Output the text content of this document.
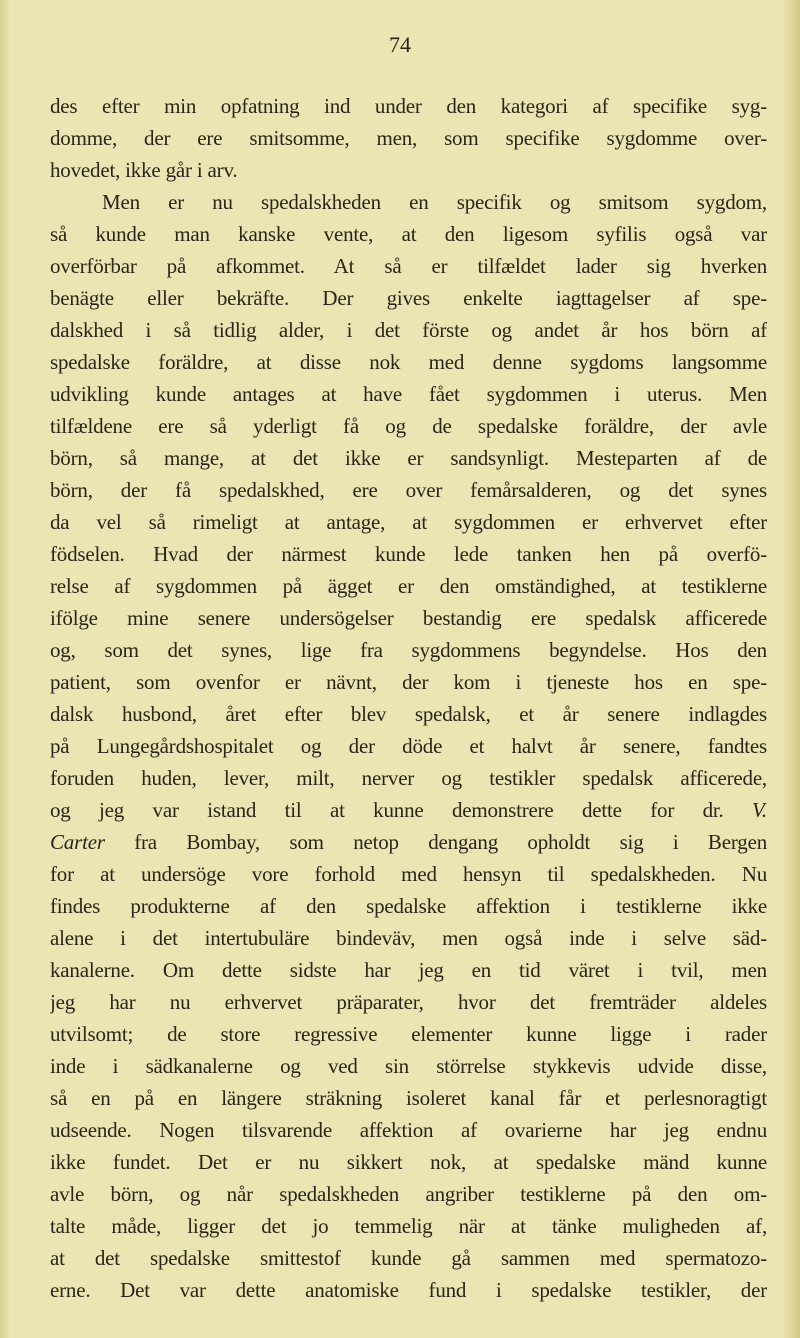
74
des efter min opfatning ind under den kategori af specifike syg-
domme, der ere smitsomme, men, som specifike sygdomme over-
hovedet, ikke går i arv.
Men er nu spedalskheden en specifik og smitsom sygdom,
så kunde man kanske vente, at den ligesom syfilis også var
overförbar på afkommet. At så er tilfældet lader sig hverken
benägte eller bekräfte. Der gives enkelte iagttagelser af spe-
dalskhed i så tidlig alder, i det förste og andet år hos börn af
spedalske foräldre, at disse nok med denne sygdoms langsomme
udvikling kunde antages at have fået sygdommen i uterus. Men
tilfældene ere så yderligt få og de spedalske foräldre, der avle
börn, så mange, at det ikke er sandsynligt. Mesteparten af de
börn, der få spedalskhed, ere over femårsalderen, og det synes
da vel så rimeligt at antage, at sygdommen er erhvervet efter
födselen. Hvad der närmest kunde lede tanken hen på overfö-
relse af sygdommen på ägget er den omständighed, at testiklerne
ifölge mine senere undersögelser bestandig ere spedalsk afficerede
og, som det synes, lige fra sygdommens begyndelse. Hos den
patient, som ovenfor er nävnt, der kom i tjeneste hos en spe-
dalsk husbond, året efter blev spedalsk, et år senere indlagdes
på Lungegårdshospitalet og der döde et halvt år senere, fandtes
foruden huden, lever, milt, nerver og testikler spedalsk afficerede,
og jeg var istand til at kunne demonstrere dette for dr. V.
Carter fra Bombay, som netop dengang opholdt sig i Bergen
for at undersöge vore forhold med hensyn til spedalskheden. Nu
findes produkterne af den spedalske affektion i testiklerne ikke
alene i det intertubuläre bindeväv, men også inde i selve säd-
kanalerne. Om dette sidste har jeg en tid väret i tvil, men
jeg har nu erhvervet präparater, hvor det fremträder aldeles
utvilsomt; de store regressive elementer kunne ligge i rader
inde i sädkanalerne og ved sin störrelse stykkevis udvide disse,
så en på en längere sträkning isoleret kanal får et perlesnoragtigt
udseende. Nogen tilsvarende affektion af ovarierne har jeg endnu
ikke fundet. Det er nu sikkert nok, at spedalske mänd kunne
avle börn, og når spedalskheden angriber testiklerne på den om-
talte måde, ligger det jo temmelig när at tänke muligheden af,
at det spedalske smittestof kunde gå sammen med spermatozo-
erne. Det var dette anatomiske fund i spedalske testikler, der
